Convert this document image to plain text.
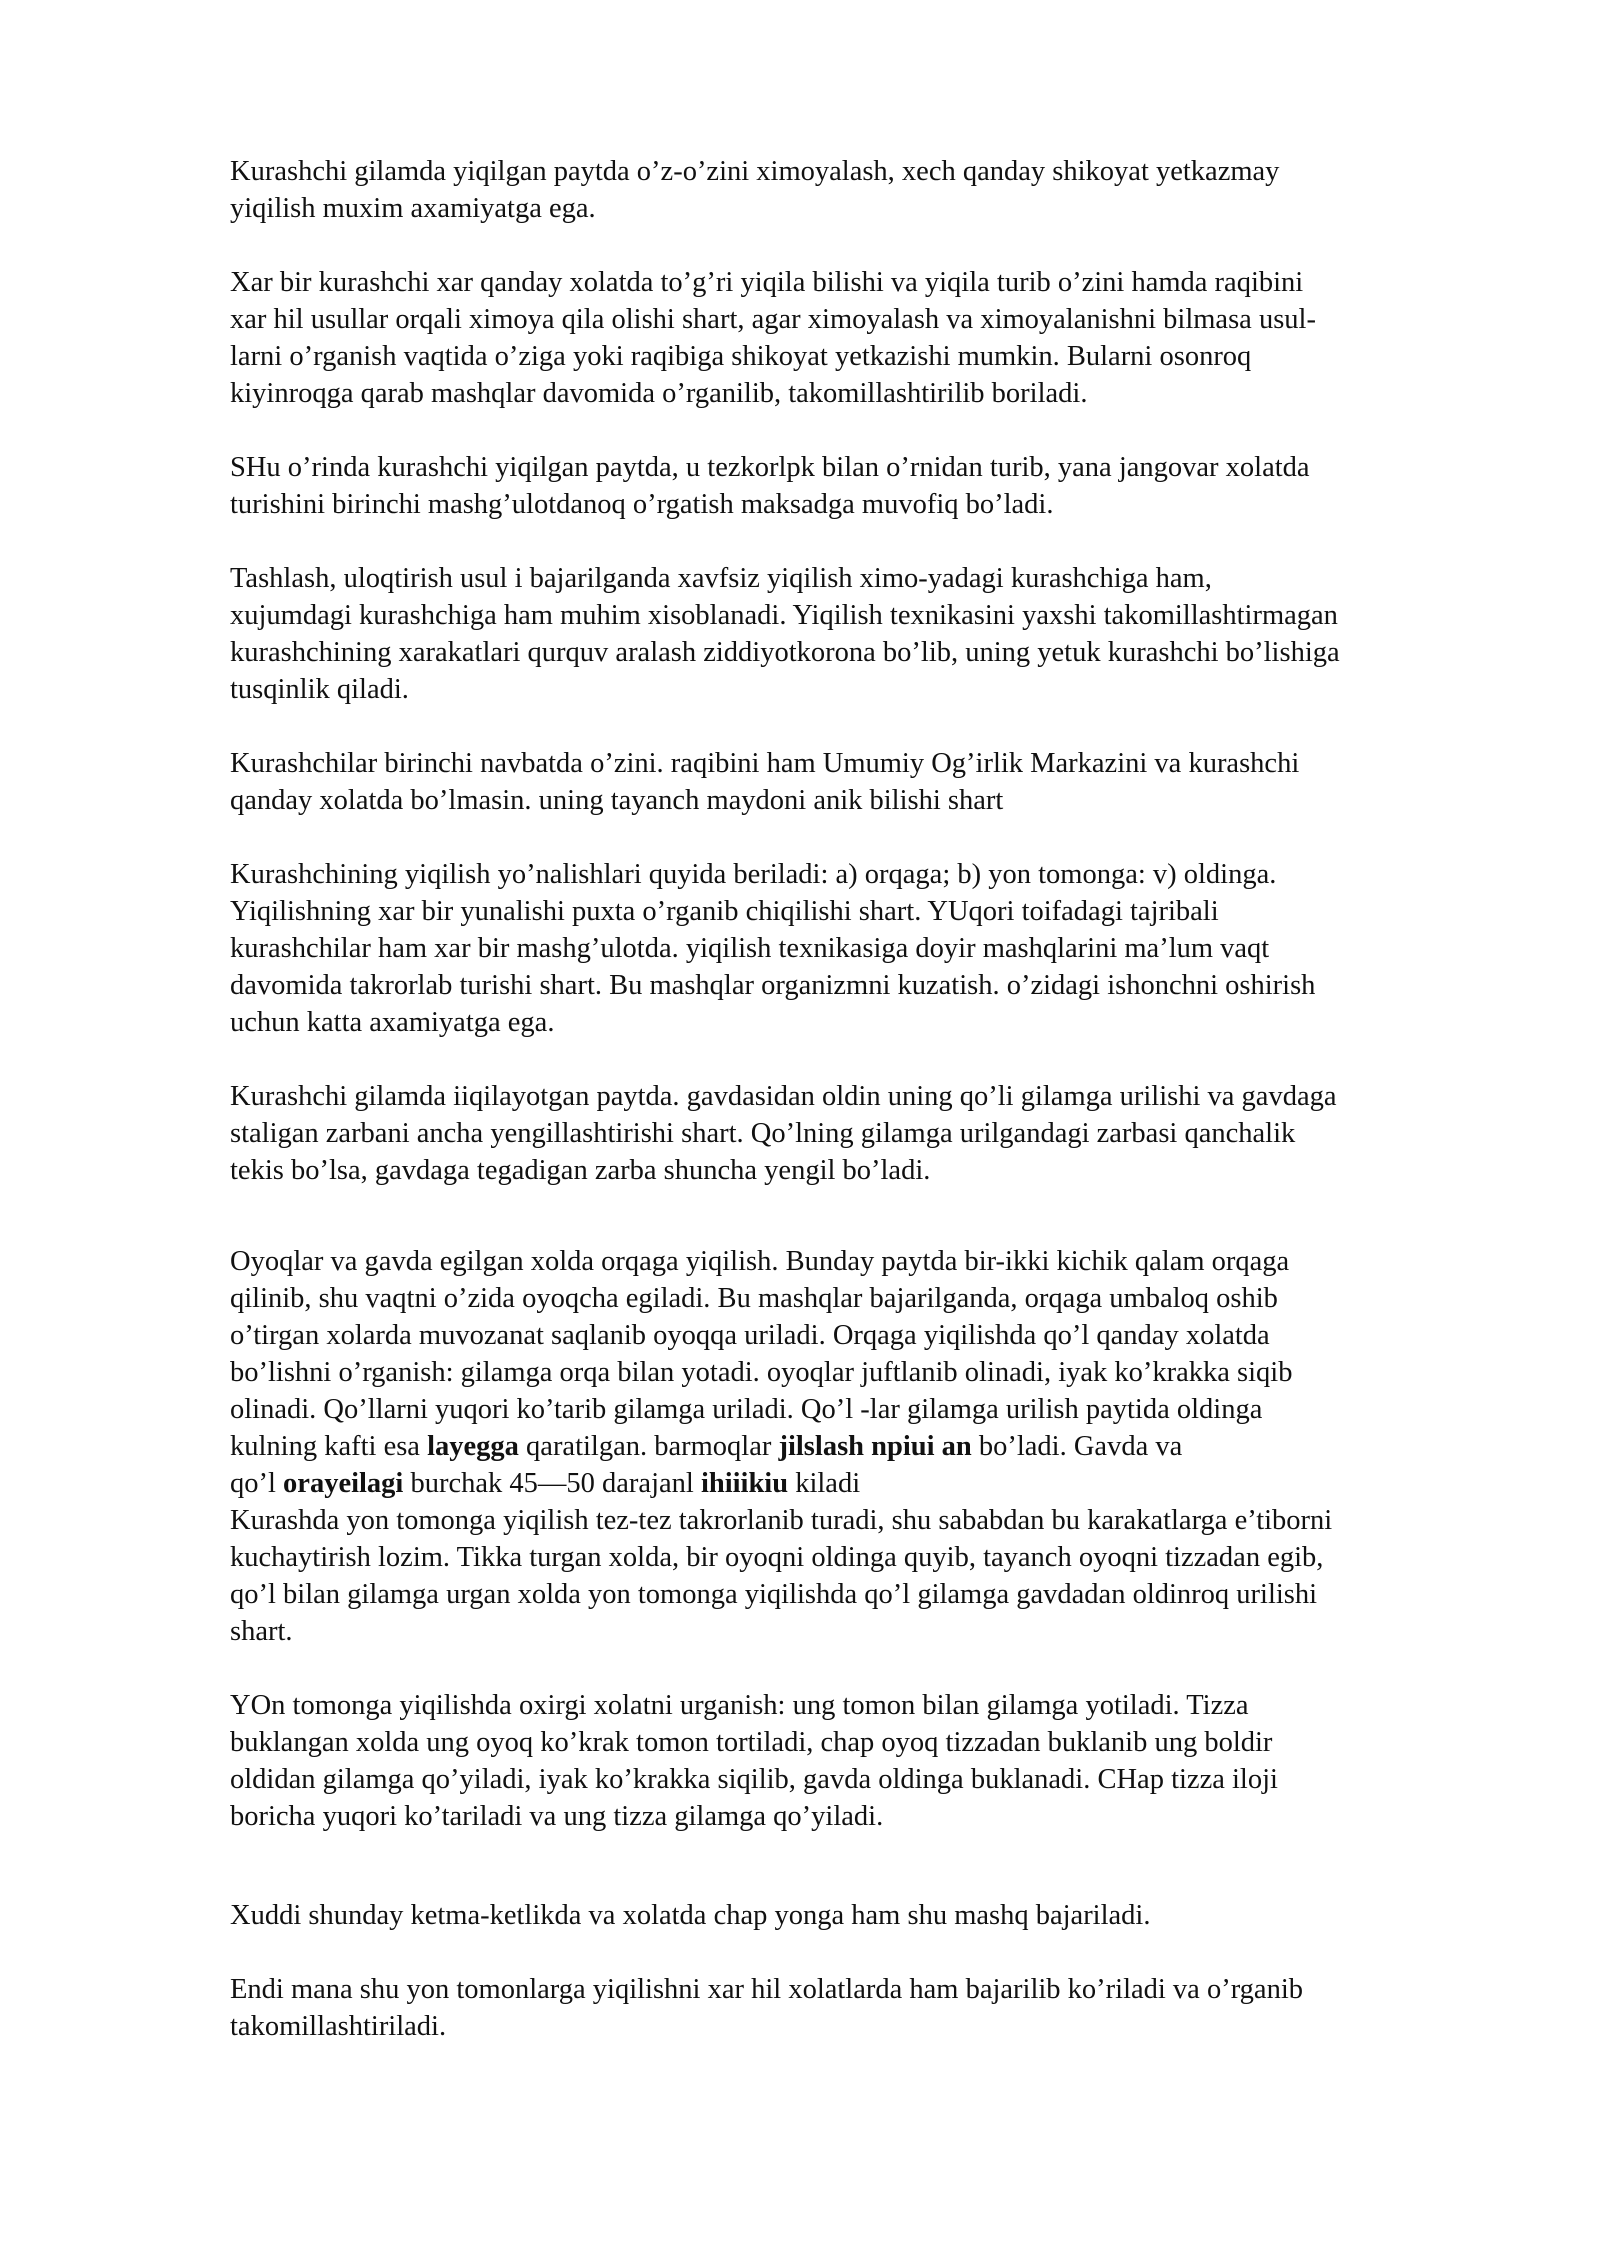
Kurashchi gilamda yiqilgan paytda o’z-o’zini ximoyalash, xech qanday shikoyat yetkazmay
yiqilish muxim axamiyatga ega.

Xar bir kurashchi xar qanday xolatda to’g’ri yiqila bilishi va yiqila turib o’zini hamda raqibini
xar hil usullar orqali ximoya qila olishi shart, agar ximoyalash va ximoyalanishni bilmasa usul-
larni o’rganish vaqtida o’ziga yoki raqibiga shikoyat yetkazishi mumkin. Bularni osonroq
kiyinroqga qarab mashqlar davomida o’rganilib, takomillashtirilib boriladi.

SHu o’rinda kurashchi yiqilgan paytda, u tezkorlpk bilan o’rnidan turib, yana jangovar xolatda
turishini birinchi mashg’ulotdanoq o’rgatish maksadga muvofiq bo’ladi.

Tashlash, uloqtirish usul i bajarilganda xavfsiz yiqilish ximo-yadagi kurashchiga ham,
xujumdagi kurashchiga ham muhim xisoblanadi. Yiqilish texnikasini yaxshi takomillashtirmagan
kurashchining xarakatlari qurquv aralash ziddiyotkorona bo’lib, uning yetuk kurashchi bo’lishiga
tusqinlik qiladi.

Kurashchilar birinchi navbatda o’zini. raqibini ham Umumiy Og’irlik Markazini va kurashchi
qanday xolatda bo’lmasin. uning tayanch maydoni anik bilishi shart

Kurashchining yiqilish yo’nalishlari quyida beriladi: a) orqaga; b) yon tomonga: v) oldinga.
Yiqilishning xar bir yunalishi puxta o’rganib chiqilishi shart. YUqori toifadagi tajribali
kurashchilar ham xar bir mashg’ulotda. yiqilish texnikasiga doyir mashqlarini ma’lum vaqt
davomida takrorlab turishi shart. Bu mashqlar organizmni kuzatish. o’zidagi ishonchni oshirish
uchun katta axamiyatga ega.

Kurashchi gilamda iiqilayotgan paytda. gavdasidan oldin uning qo’li gilamga urilishi va gavdaga
staligan zarbani ancha yengillashtirishi shart. Qo’lning gilamga urilgandagi zarbasi qanchalik
tekis bo’lsa, gavdaga tegadigan zarba shuncha yengil bo’ladi.

Oyoqlar va gavda egilgan xolda orqaga yiqilish. Bunday paytda bir-ikki kichik qalam orqaga
qilinib, shu vaqtni o’zida oyoqcha egiladi. Bu mashqlar bajarilganda, orqaga umbaloq oshib
o’tirgan xolarda muvozanat saqlanib oyoqqa uriladi. Orqaga yiqilishda qo’l qanday xolatda
bo’lishni o’rganish: gilamga orqa bilan yotadi. oyoqlar juftlanib olinadi, iyak ko’krakka siqib
olinadi. Qo’llarni yuqori ko’tarib gilamga uriladi. Qo’l -lar gilamga urilish paytida oldinga
kulning kafti esa layegga qaratilgan. barmoqlar jilslash npiui an bo’ladi. Gavda va
qo’l orayeilagi burchak 45—50 darajanl ihiiikiu kiladi

Kurashda yon tomonga yiqilish tez-tez takrorlanib turadi, shu sababdan bu karakatlarga e’tiborni
kuchaytirish lozim. Tikka turgan xolda, bir oyoqni oldinga quyib, tayanch oyoqni tizzadan egib,
qo’l bilan gilamga urgan xolda yon tomonga yiqilishda qo’l gilamga gavdadan oldinroq urilishi
shart.

YOn tomonga yiqilishda oxirgi xolatni urganish: ung tomon bilan gilamga yotiladi. Tizza
buklangan xolda ung oyoq ko’krak tomon tortiladi, chap oyoq tizzadan buklanib ung boldir
oldidan gilamga qo’yiladi, iyak ko’krakka siqilib, gavda oldinga buklanadi. CHap tizza iloji
boricha yuqori ko’tariladi va ung tizza gilamga qo’yiladi.

Xuddi shunday ketma-ketlikda va xolatda chap yonga ham shu mashq bajariladi.

Endi mana shu yon tomonlarga yiqilishni xar hil xolatlarda ham bajarilib ko’riladi va o’rganib
takomillashtiriladi.
